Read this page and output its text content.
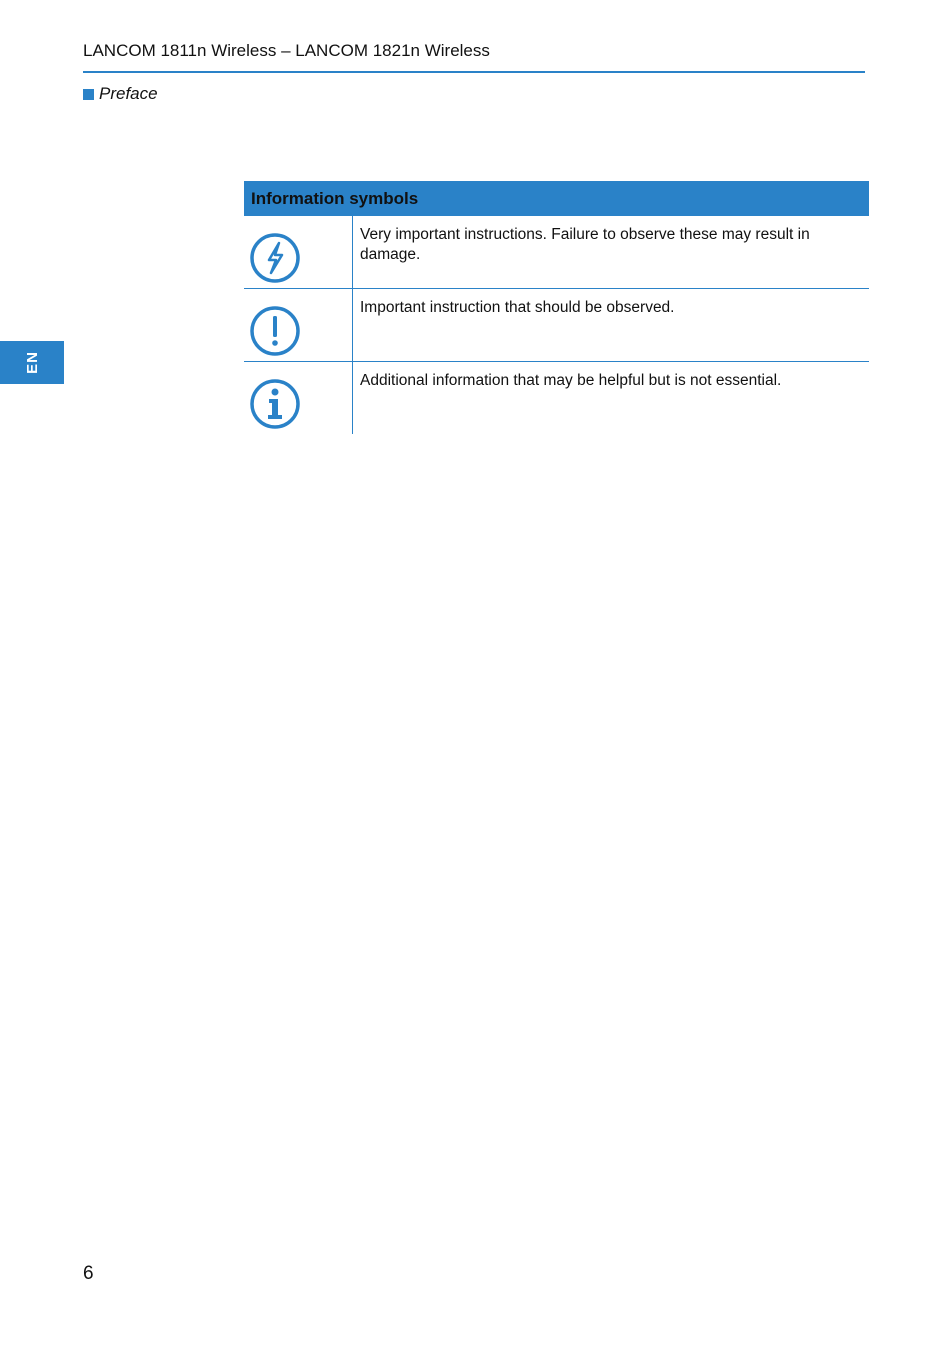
LANCOM 1811n Wireless – LANCOM 1821n Wireless
Preface
EN
Information symbols
Very important instructions. Failure to observe these may result in damage.
Important instruction that should be observed.
Additional information that may be helpful but is not essential.
6
